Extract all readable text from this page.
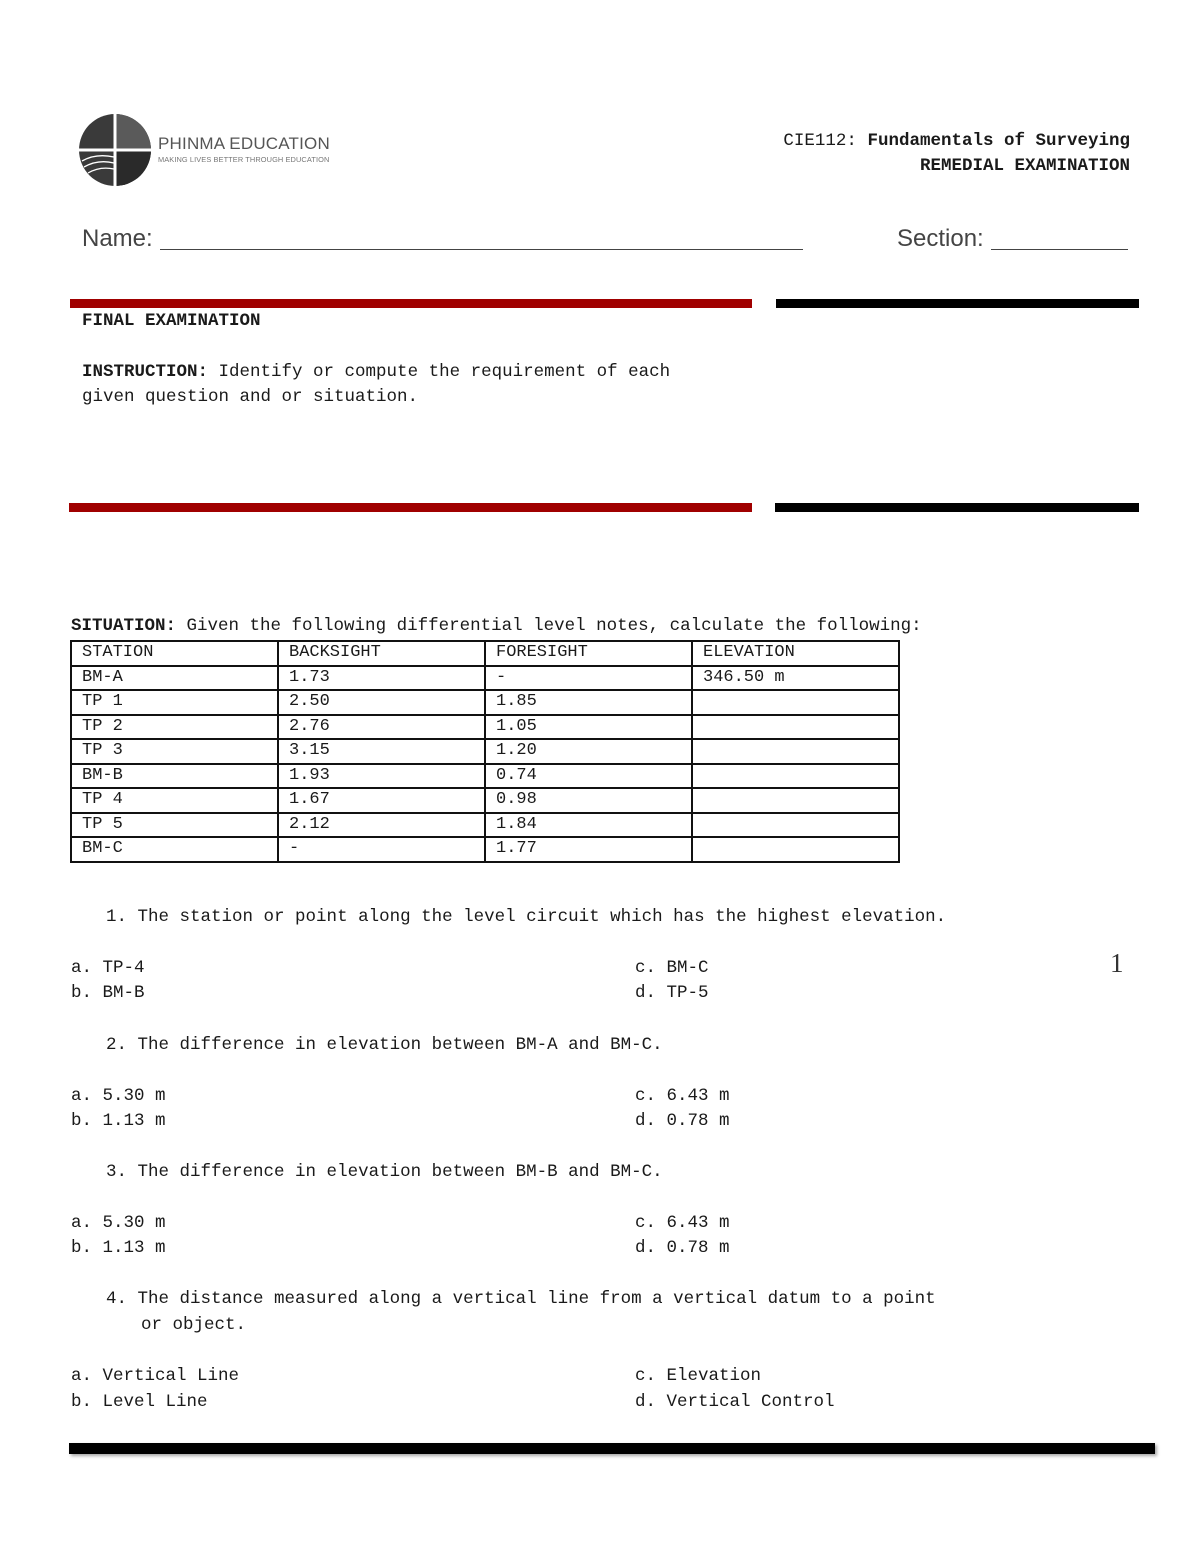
PHINMA EDUCATION
MAKING LIVES BETTER THROUGH EDUCATION
CIE112: Fundamentals of Surveying
REMEDIAL EXAMINATION
Name:	Section:
FINAL EXAMINATION
INSTRUCTION: Identify or compute the requirement of each
given question and or situation.
SITUATION: Given the following differential level notes, calculate the following:
STATION	BACKSIGHT	FORESIGHT	ELEVATION
BM-A	1.73	-	346.50 m
TP 1	2.50	1.85	
TP 2	2.76	1.05	
TP 3	3.15	1.20	
BM-B	1.93	0.74	
TP 4	1.67	0.98	
TP 5	2.12	1.84	
BM-C	-	1.77	
1. The station or point along the level circuit which has the highest elevation.
a. TP-4
b. BM-B
c. BM-C
d. TP-5
2. The difference in elevation between BM-A and BM-C.
a. 5.30 m
b. 1.13 m
c. 6.43 m
d. 0.78 m
3. The difference in elevation between BM-B and BM-C.
a. 5.30 m
b. 1.13 m
c. 6.43 m
d. 0.78 m
4. The distance measured along a vertical line from a vertical datum to a point
or object.
a. Vertical Line
b. Level Line
c. Elevation
d. Vertical Control
1
